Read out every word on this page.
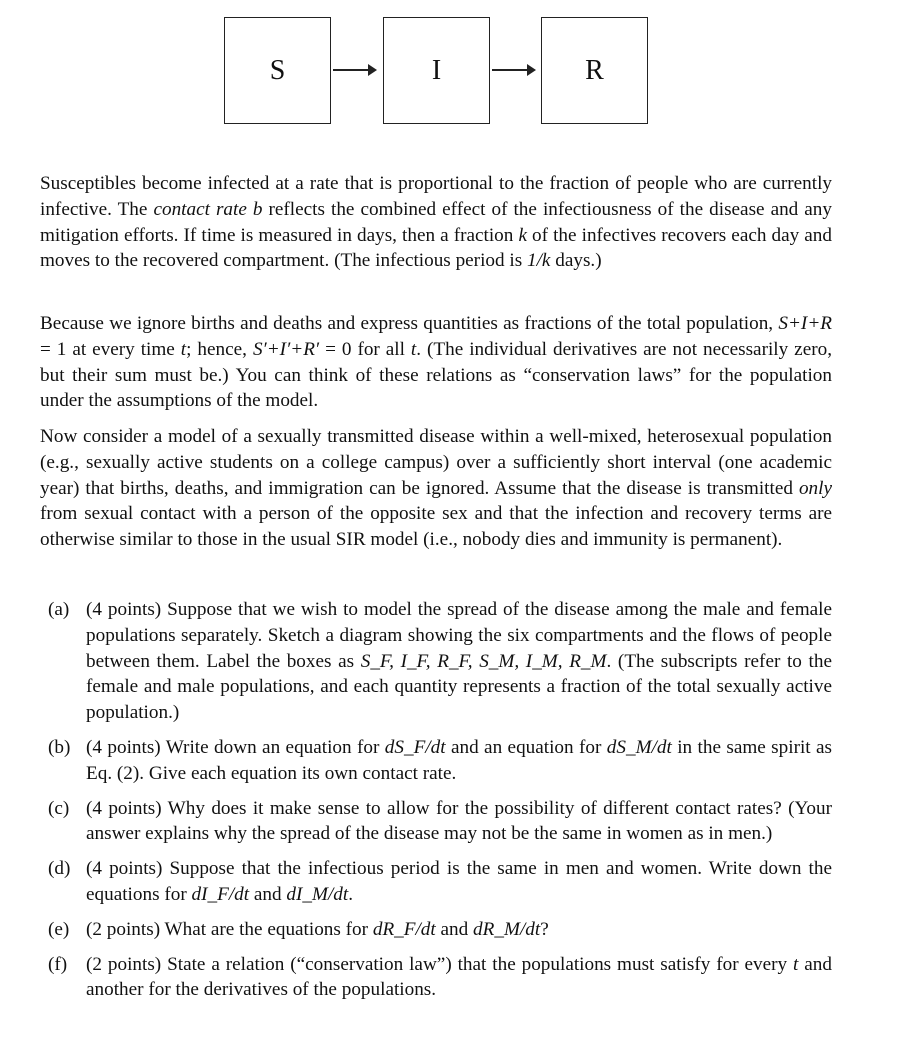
S	I	R

Susceptibles become infected at a rate that is proportional to the fraction of people who are currently infective. The contact rate b reflects the combined effect of the infectiousness of the disease and any mitigation efforts. If time is measured in days, then a fraction k of the infectives recovers each day and moves to the recovered compartment. (The infectious period is 1/k days.)

Because we ignore births and deaths and express quantities as fractions of the total population, S+I+R = 1 at every time t; hence, S′+I′+R′ = 0 for all t. (The individual derivatives are not necessarily zero, but their sum must be.) You can think of these relations as “conservation laws” for the population under the assumptions of the model.

Now consider a model of a sexually transmitted disease within a well-mixed, heterosexual population (e.g., sexually active students on a college campus) over a sufficiently short interval (one academic year) that births, deaths, and immigration can be ignored. Assume that the disease is transmitted only from sexual contact with a person of the opposite sex and that the infection and recovery terms are otherwise similar to those in the usual SIR model (i.e., nobody dies and immunity is permanent).

(a) (4 points) Suppose that we wish to model the spread of the disease among the male and female populations separately. Sketch a diagram showing the six compartments and the flows of people between them. Label the boxes as S_F, I_F, R_F, S_M, I_M, R_M. (The subscripts refer to the female and male populations, and each quantity represents a fraction of the total sexually active population.)
(b) (4 points) Write down an equation for dS_F/dt and an equation for dS_M/dt in the same spirit as Eq. (2). Give each equation its own contact rate.
(c) (4 points) Why does it make sense to allow for the possibility of different contact rates? (Your answer explains why the spread of the disease may not be the same in women as in men.)
(d) (4 points) Suppose that the infectious period is the same in men and women. Write down the equations for dI_F/dt and dI_M/dt.
(e) (2 points) What are the equations for dR_F/dt and dR_M/dt?
(f) (2 points) State a relation (“conservation law”) that the populations must satisfy for every t and another for the derivatives of the populations.
